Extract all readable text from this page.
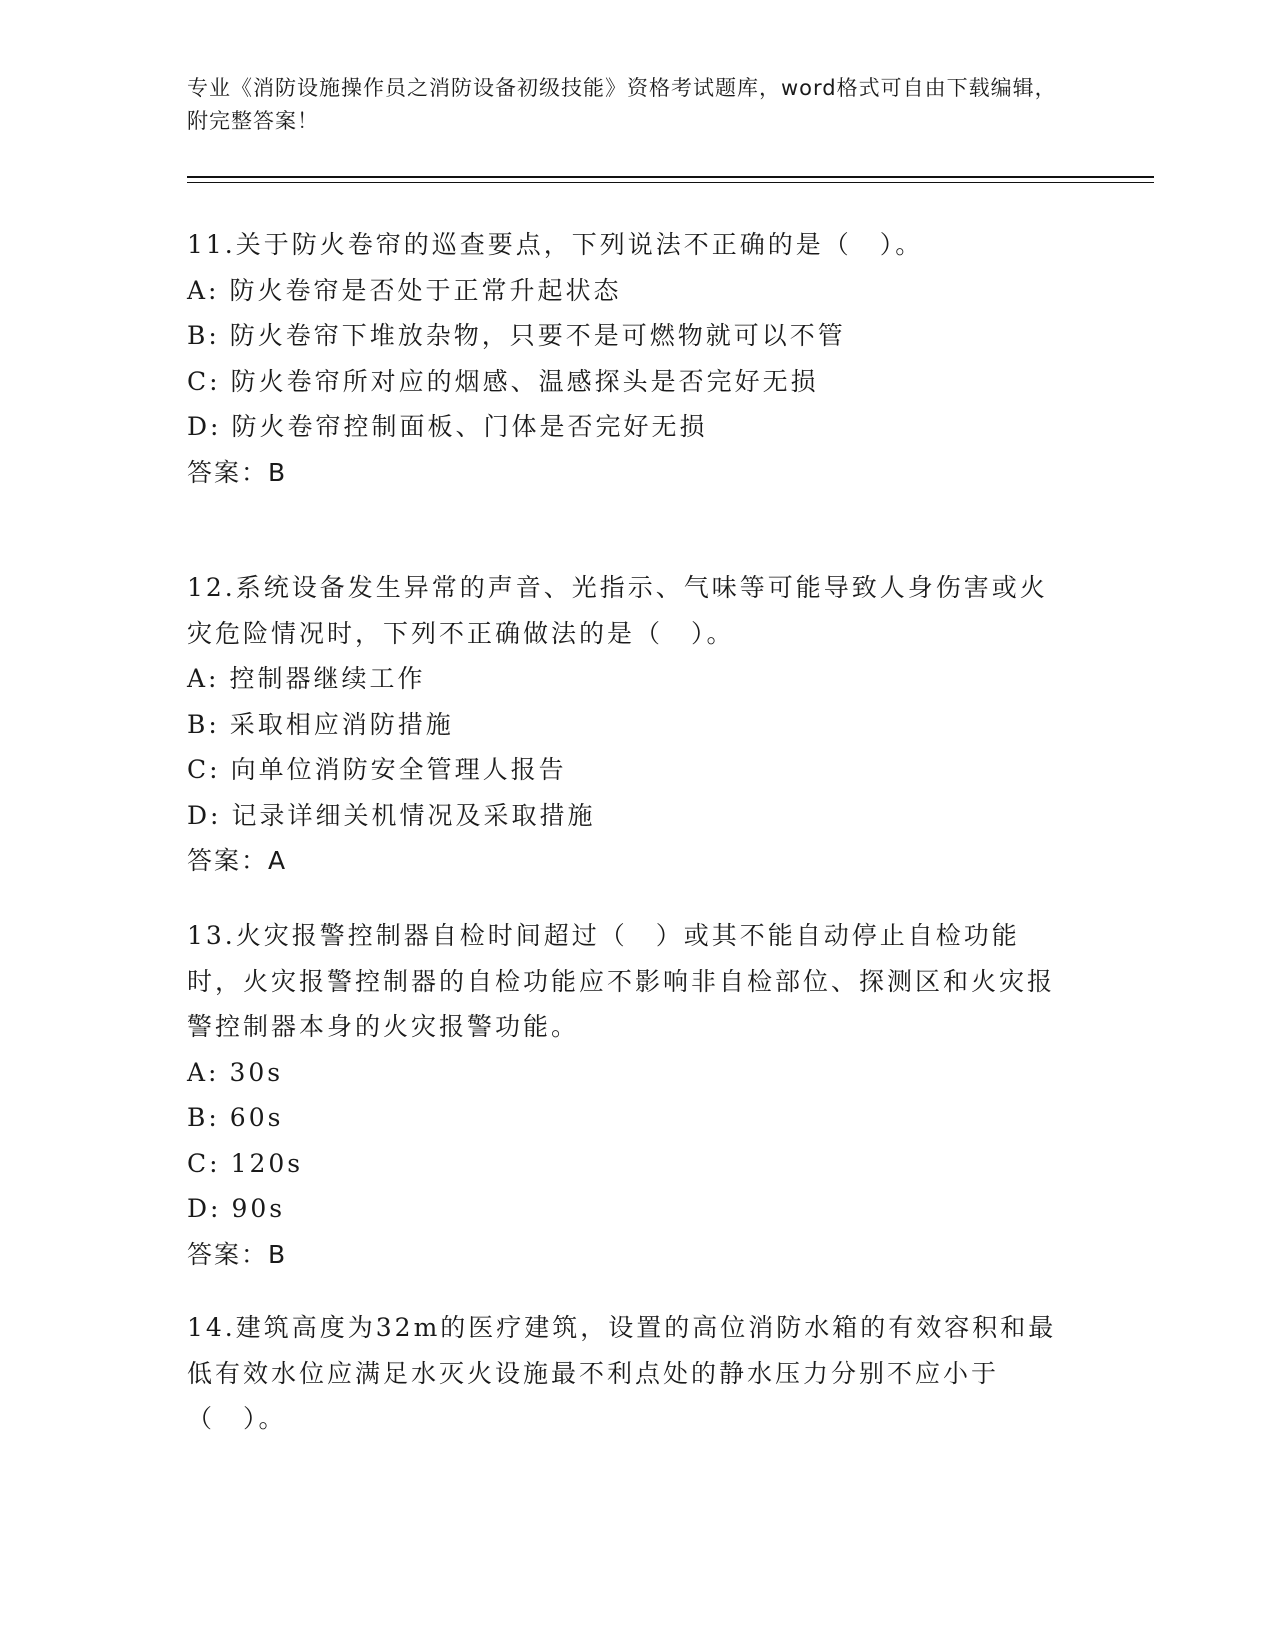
专业《消防设施操作员之消防设备初级技能》资格考试题库，word格式可自由下载编辑，附完整答案！

11.关于防火卷帘的巡查要点，下列说法不正确的是（　）。

A: 防火卷帘是否处于正常升起状态
B: 防火卷帘下堆放杂物，只要不是可燃物就可以不管
C: 防火卷帘所对应的烟感、温感探头是否完好无损
D: 防火卷帘控制面板、门体是否完好无损
答案：B

12.系统设备发生异常的声音、光指示、气味等可能导致人身伤害或火灾危险情况时，下列不正确做法的是（　）。

A: 控制器继续工作
B: 采取相应消防措施
C: 向单位消防安全管理人报告
D: 记录详细关机情况及采取措施
答案：A

13.火灾报警控制器自检时间超过（　）或其不能自动停止自检功能时，火灾报警控制器的自检功能应不影响非自检部位、探测区和火灾报警控制器本身的火灾报警功能。

A: 30s
B: 60s
C: 120s
D: 90s
答案：B

14.建筑高度为32m的医疗建筑，设置的高位消防水箱的有效容积和最低有效水位应满足水灭火设施最不利点处的静水压力分别不应小于（　）。
